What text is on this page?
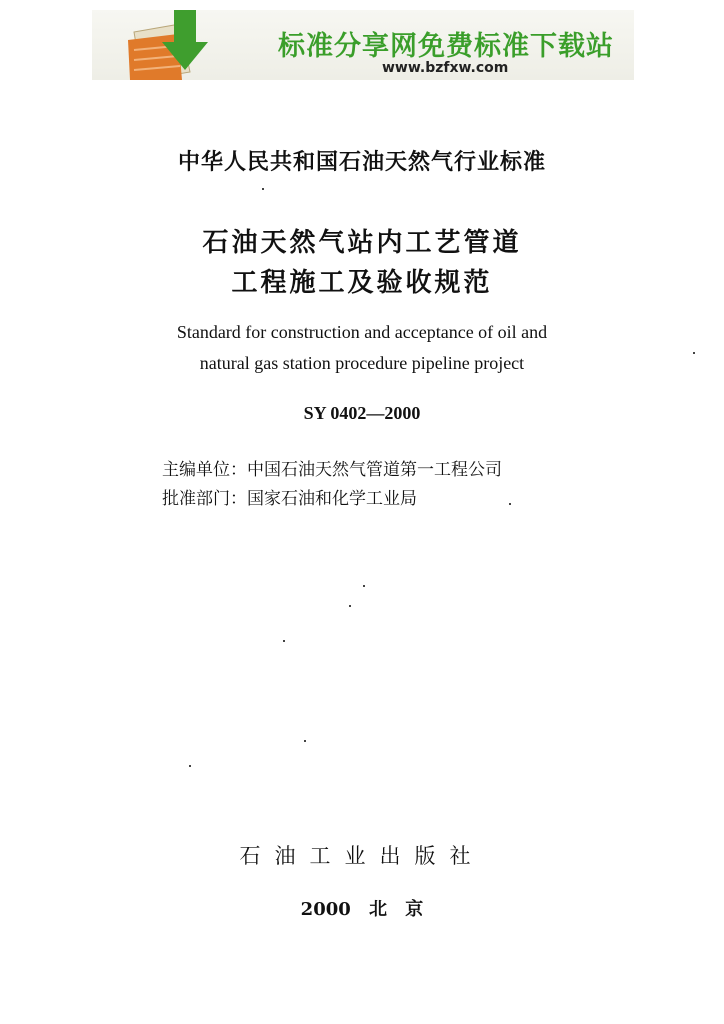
标准分享网免费标准下载站
www.bzfxw.com
中华人民共和国石油天然气行业标准
石油天然气站内工艺管道
工程施工及验收规范
Standard for construction and acceptance of oil and
natural gas station procedure pipeline project
SY 0402—2000
主编单位：中国石油天然气管道第一工程公司
批准部门：国家石油和化学工业局
石油工业出版社
2000 北 京
